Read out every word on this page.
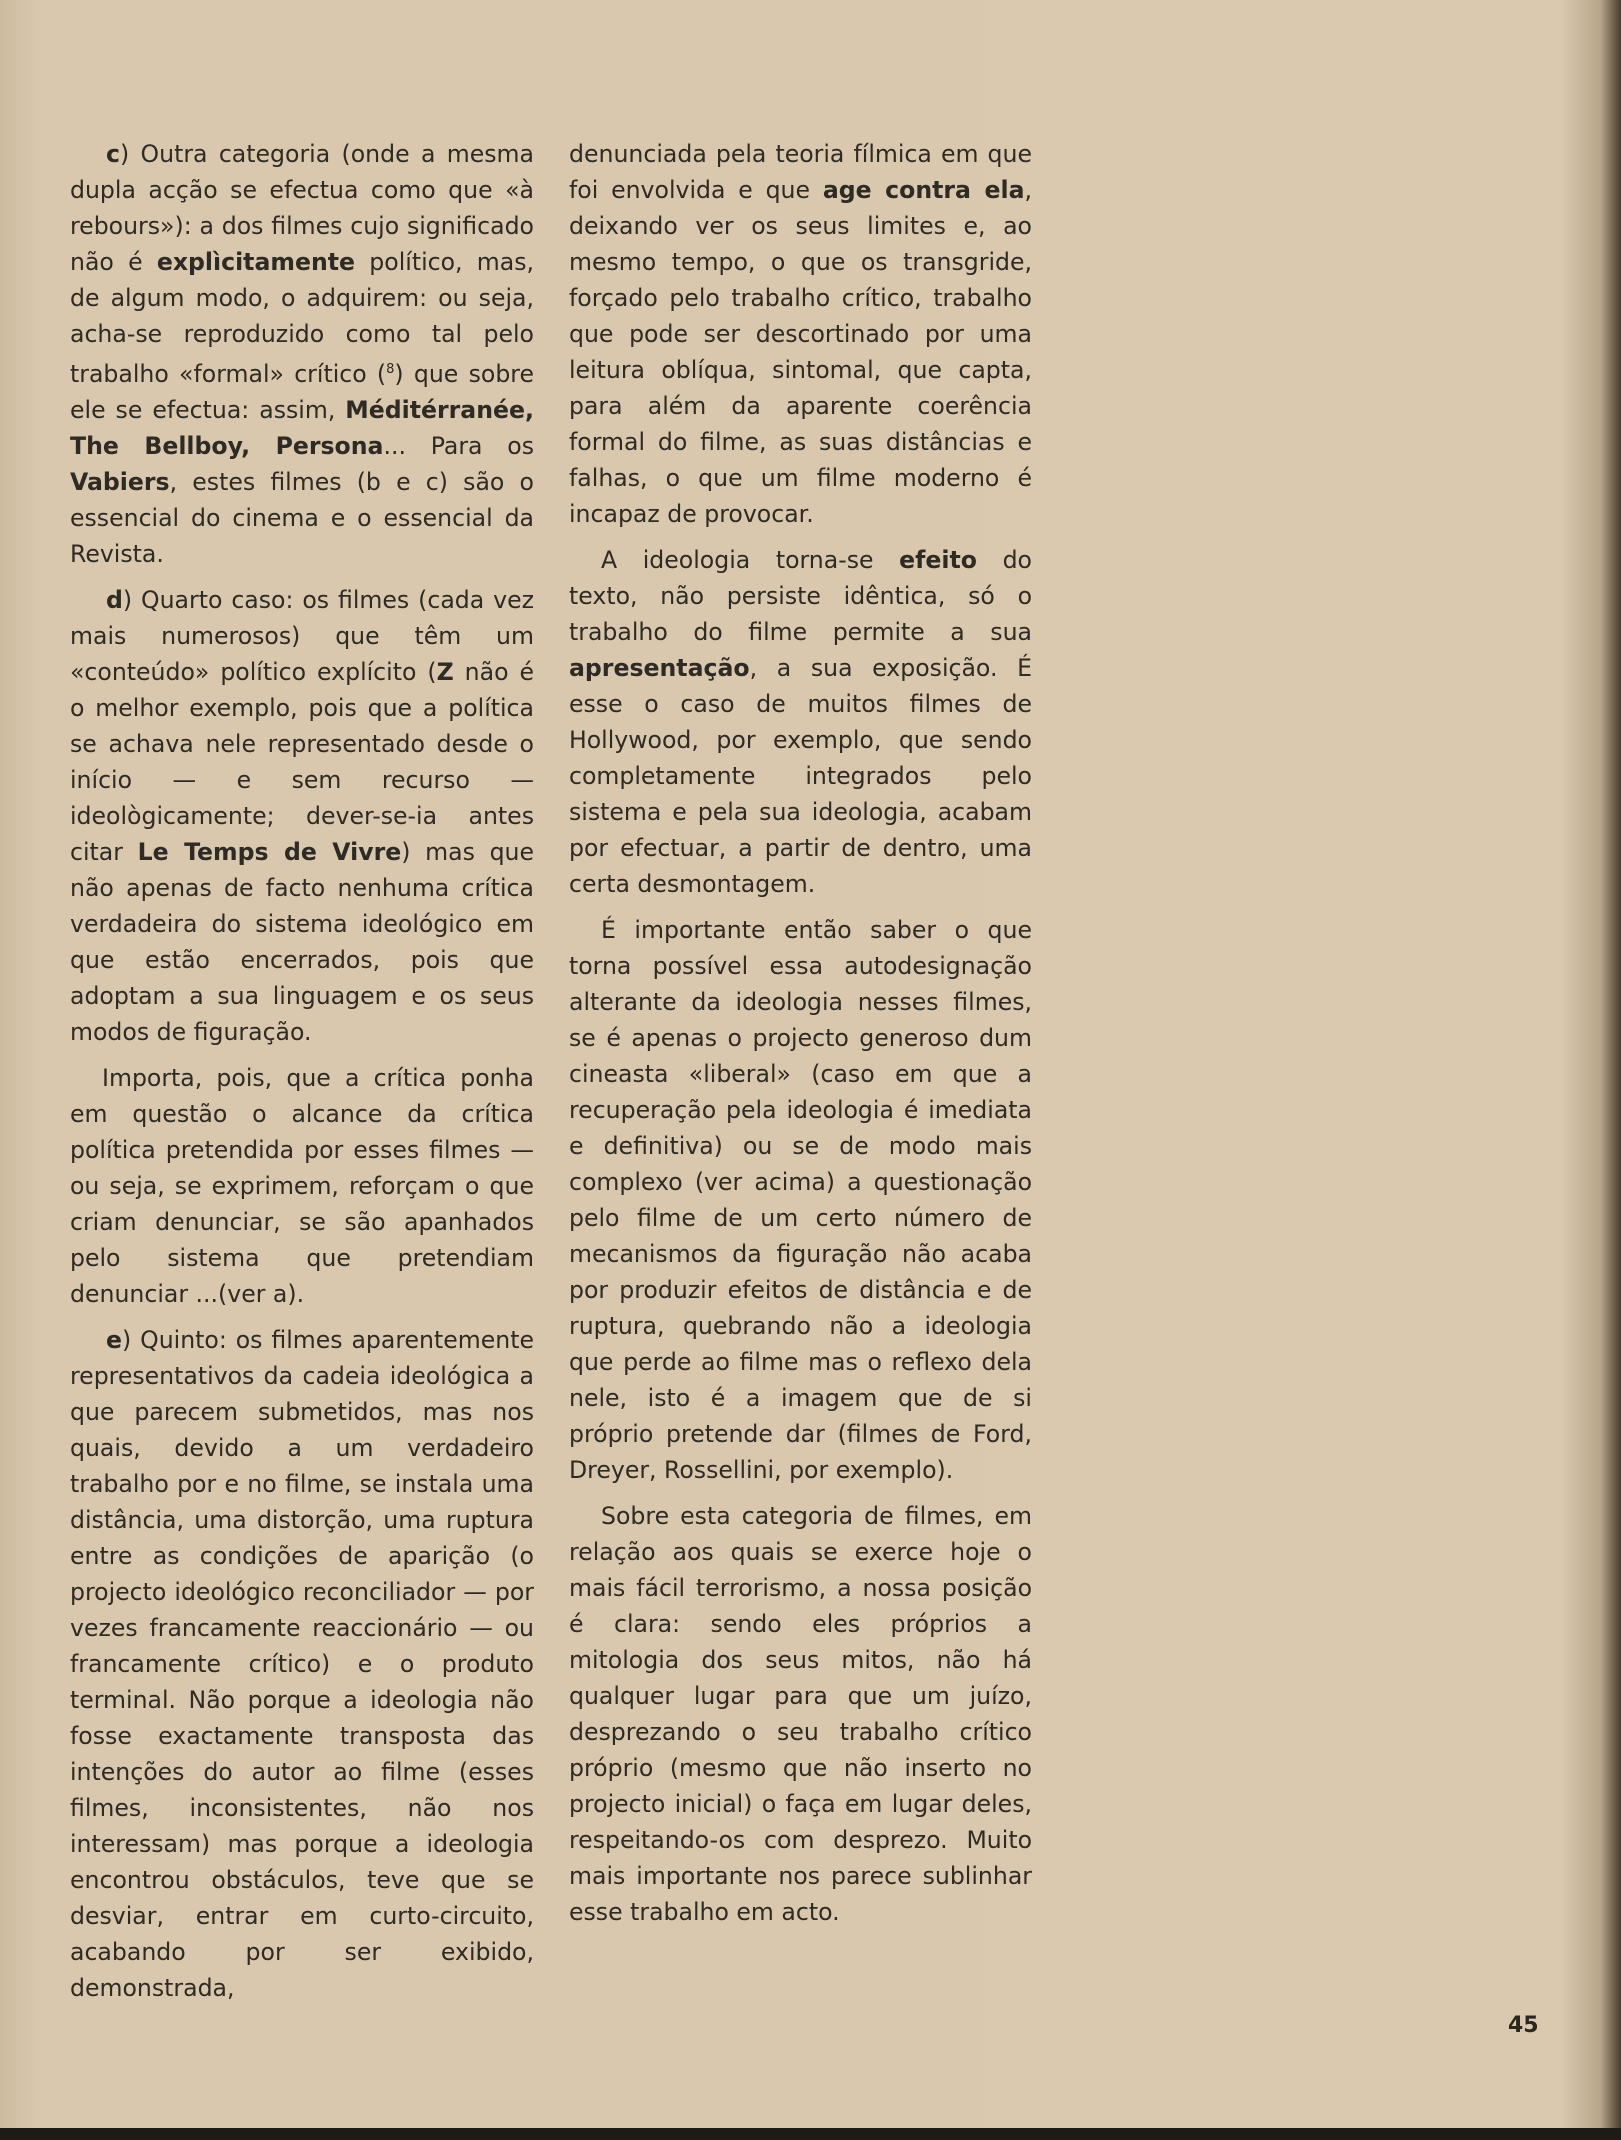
c) Outra categoria (onde a mesma dupla acção se efectua como que «à rebours»): a dos filmes cujo significado não é explìcitamente político, mas, de algum modo, o adquirem: ou seja, acha-se reproduzido como tal pelo trabalho «formal» crítico ($^8$) que sobre ele se efectua: assim, Méditérranée, The Bellboy, Persona... Para os Vabiers, estes filmes (b e c) são o essencial do cinema e o essencial da Revista.

d) Quarto caso: os filmes (cada vez mais numerosos) que têm um «conteúdo» político explícito (Z não é o melhor exemplo, pois que a política se achava nele representado desde o início — e sem recurso — ideològicamente; dever-se-ia antes citar Le Temps de Vivre) mas que não apenas de facto nenhuma crítica verdadeira do sistema ideológico em que estão encerrados, pois que adoptam a sua linguagem e os seus modos de figuração.

Importa, pois, que a crítica ponha em questão o alcance da crítica política pretendida por esses filmes — ou seja, se exprimem, reforçam o que criam denunciar, se são apanhados pelo sistema que pretendiam denunciar ...(ver a).

e) Quinto: os filmes aparentemente representativos da cadeia ideológica a que parecem submetidos, mas nos quais, devido a um verdadeiro trabalho por e no filme, se instala uma distância, uma distorção, uma ruptura entre as condições de aparição (o projecto ideológico reconciliador — por vezes francamente reaccionário — ou francamente crítico) e o produto terminal. Não porque a ideologia não fosse exactamente transposta das intenções do autor ao filme (esses filmes, inconsistentes, não nos interessam) mas porque a ideologia encontrou obstáculos, teve que se desviar, entrar em curto-circuito, acabando por ser exibido, demonstrada,

denunciada pela teoria fílmica em que foi envolvida e que age contra ela, deixando ver os seus limites e, ao mesmo tempo, o que os transgride, forçado pelo trabalho crítico, trabalho que pode ser descortinado por uma leitura oblíqua, sintomal, que capta, para além da aparente coerência formal do filme, as suas distâncias e falhas, o que um filme moderno é incapaz de provocar.

A ideologia torna-se efeito do texto, não persiste idêntica, só o trabalho do filme permite a sua apresentação, a sua exposição. É esse o caso de muitos filmes de Hollywood, por exemplo, que sendo completamente integrados pelo sistema e pela sua ideologia, acabam por efectuar, a partir de dentro, uma certa desmontagem.

É importante então saber o que torna possível essa autodesignação alterante da ideologia nesses filmes, se é apenas o projecto generoso dum cineasta «liberal» (caso em que a recuperação pela ideologia é imediata e definitiva) ou se de modo mais complexo (ver acima) a questionação pelo filme de um certo número de mecanismos da figuração não acaba por produzir efeitos de distância e de ruptura, quebrando não a ideologia que perde ao filme mas o reflexo dela nele, isto é a imagem que de si próprio pretende dar (filmes de Ford, Dreyer, Rossellini, por exemplo).

Sobre esta categoria de filmes, em relação aos quais se exerce hoje o mais fácil terrorismo, a nossa posição é clara: sendo eles próprios a mitologia dos seus mitos, não há qualquer lugar para que um juízo, desprezando o seu trabalho crítico próprio (mesmo que não inserto no projecto inicial) o faça em lugar deles, respeitando-os com desprezo. Muito mais importante nos parece sublinhar esse trabalho em acto.

45
